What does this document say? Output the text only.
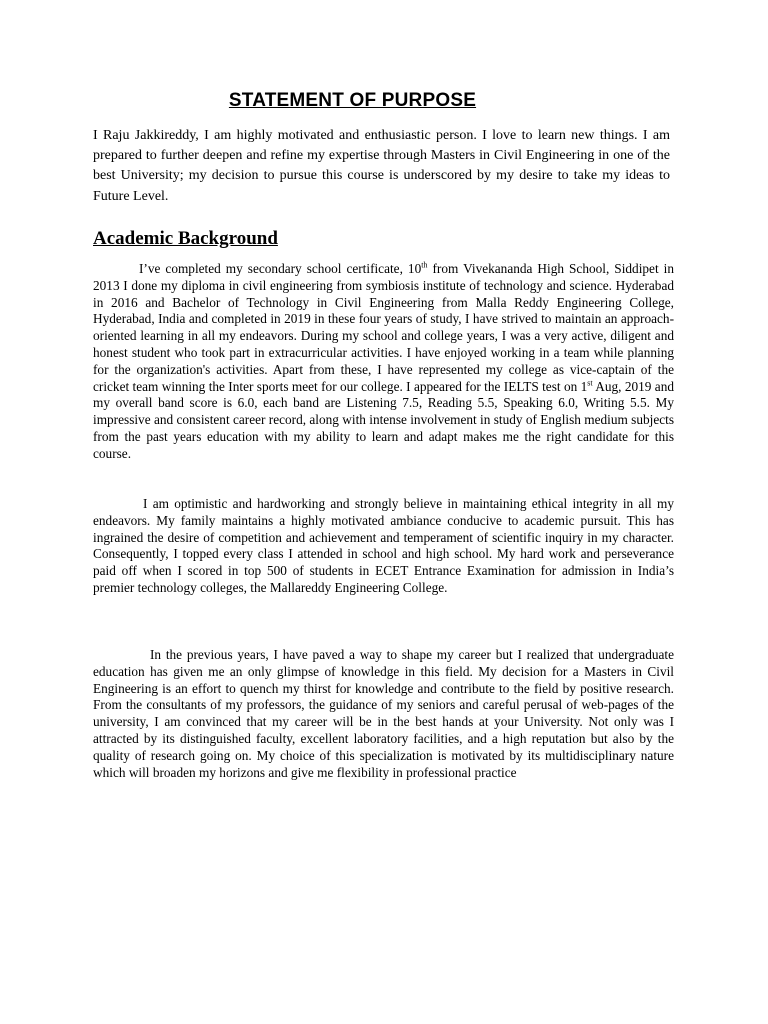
STATEMENT OF PURPOSE

I Raju Jakkireddy, I am highly motivated and enthusiastic person. I love to learn new things. I am prepared to further deepen and refine my expertise through Masters in Civil Engineering in one of the best University; my decision to pursue this course is underscored by my desire to take my ideas to Future Level.

Academic Background

I’ve completed my secondary school certificate, 10th from Vivekananda High School, Siddipet in 2013 I done my diploma in civil engineering from symbiosis institute of technology and science. Hyderabad in 2016 and Bachelor of Technology in Civil Engineering from Malla Reddy Engineering College, Hyderabad, India and completed in 2019 in these four years of study, I have strived to maintain an approach-oriented learning in all my endeavors. During my school and college years, I was a very active, diligent and honest student who took part in extracurricular activities. I have enjoyed working in a team while planning for the organization's activities. Apart from these, I have represented my college as vice-captain of the cricket team winning the Inter sports meet for our college. I appeared for the IELTS test on 1st Aug, 2019 and my overall band score is 6.0, each band are Listening 7.5, Reading 5.5, Speaking 6.0, Writing 5.5. My impressive and consistent career record, along with intense involvement in study of English medium subjects from the past years education with my ability to learn and adapt makes me the right candidate for this course.

I am optimistic and hardworking and strongly believe in maintaining ethical integrity in all my endeavors. My family maintains a highly motivated ambiance conducive to academic pursuit. This has ingrained the desire of competition and achievement and temperament of scientific inquiry in my character. Consequently, I topped every class I attended in school and high school. My hard work and perseverance paid off when I scored in top 500 of students in ECET Entrance Examination for admission in India’s premier technology colleges, the Mallareddy Engineering College.

In the previous years, I have paved a way to shape my career but I realized that undergraduate education has given me an only glimpse of knowledge in this field. My decision for a Masters in Civil Engineering is an effort to quench my thirst for knowledge and contribute to the field by positive research. From the consultants of my professors, the guidance of my seniors and careful perusal of web-pages of the university, I am convinced that my career will be in the best hands at your University. Not only was I attracted by its distinguished faculty, excellent laboratory facilities, and a high reputation but also by the quality of research going on. My choice of this specialization is motivated by its multidisciplinary nature which will broaden my horizons and give me flexibility in professional practice
